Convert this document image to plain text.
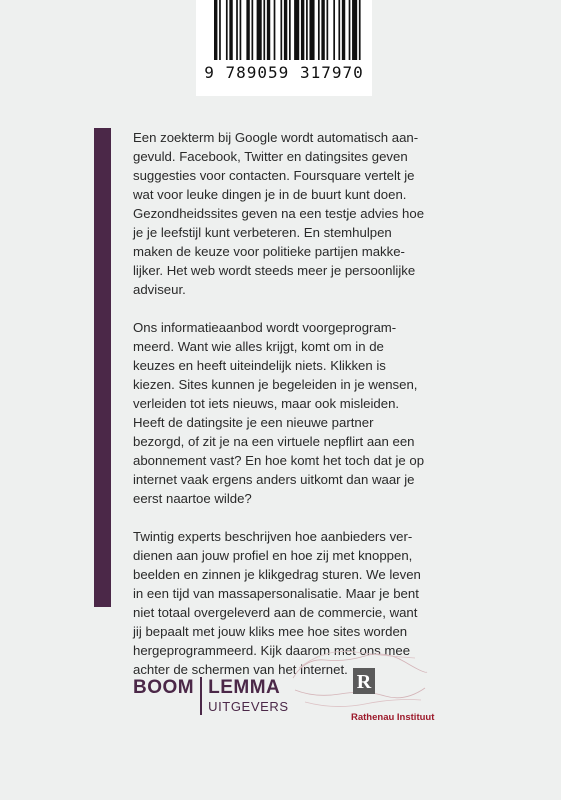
9 789059 317970

Een zoekterm bij Google wordt automatisch aan-
gevuld. Facebook, Twitter en datingsites geven
suggesties voor contacten. Foursquare vertelt je
wat voor leuke dingen je in de buurt kunt doen.
Gezondheidssites geven na een testje advies hoe
je je leefstijl kunt verbeteren. En stemhulpen
maken de keuze voor politieke partijen makke-
lijker. Het web wordt steeds meer je persoonlijke
adviseur.

Ons informatieaanbod wordt voorgeprogram-
meerd. Want wie alles krijgt, komt om in de
keuzes en heeft uiteindelijk niets. Klikken is
kiezen. Sites kunnen je begeleiden in je wensen,
verleiden tot iets nieuws, maar ook misleiden.
Heeft de datingsite je een nieuwe partner
bezorgd, of zit je na een virtuele nepflirt aan een
abonnement vast? En hoe komt het toch dat je op
internet vaak ergens anders uitkomt dan waar je
eerst naartoe wilde?

Twintig experts beschrijven hoe aanbieders ver-
dienen aan jouw profiel en hoe zij met knoppen,
beelden en zinnen je klikgedrag sturen. We leven
in een tijd van massapersonalisatie. Maar je bent
niet totaal overgeleverd aan de commercie, want
jij bepaalt met jouw kliks mee hoe sites worden
hergeprogrammeerd. Kijk daarom met ons mee
achter de schermen van het internet.

BOOM LEMMA
UITGEVERS
R
Rathenau Instituut
